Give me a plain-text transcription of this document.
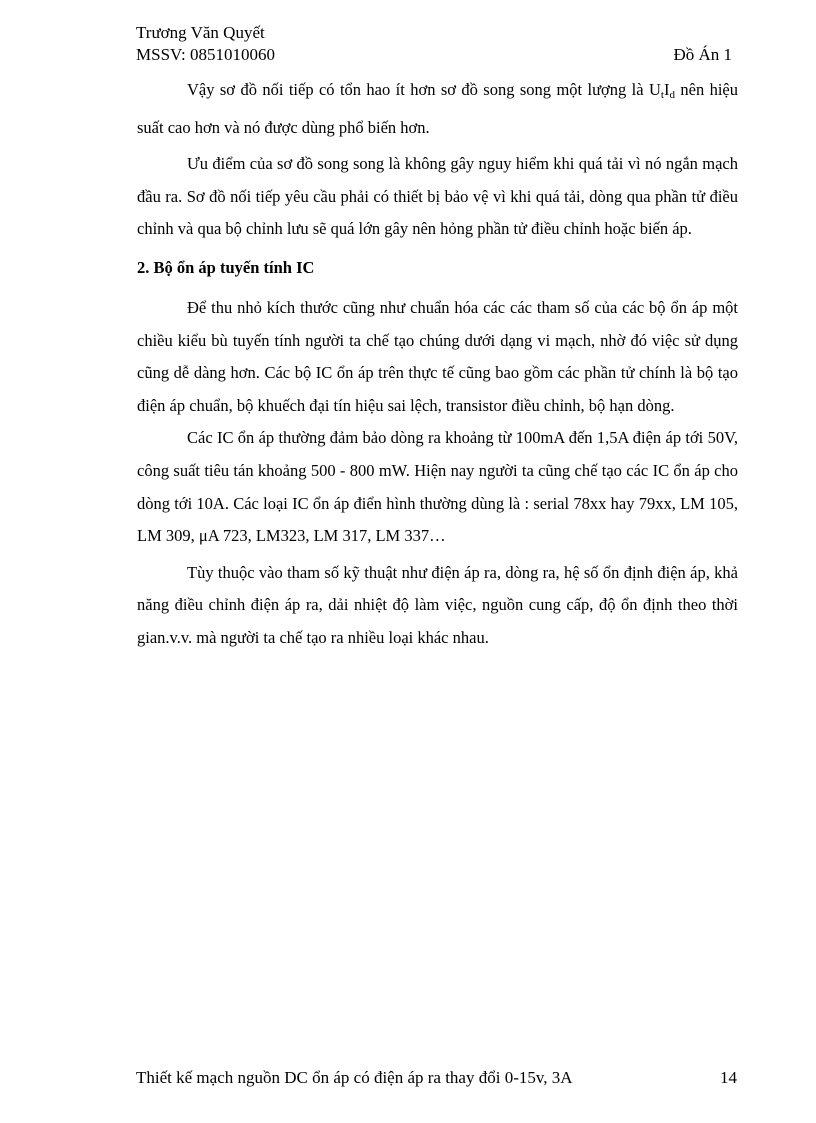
Trương Văn Quyết
MSSV: 0851010060	Đồ Án 1

Vậy sơ đồ nối tiếp có tổn hao ít hơn sơ đồ song song một lượng là $U_tI_d$ nên hiệu suất cao hơn và nó được dùng phổ biến hơn.

Ưu điểm của sơ đồ song song là không gây nguy hiểm khi quá tải vì nó ngắn mạch đầu ra. Sơ đồ nối tiếp yêu cầu phải có thiết bị bảo vệ vì khi quá tải, dòng qua phần tử điều chỉnh và qua bộ chỉnh lưu sẽ quá lớn gây nên hỏng phần tử điều chỉnh hoặc biến áp.

2. Bộ ổn áp tuyến tính IC

Để thu nhỏ kích thước cũng như chuẩn hóa các các tham số của các bộ ổn áp một chiều kiểu bù tuyến tính người ta chế tạo chúng dưới dạng vi mạch, nhờ đó việc sử dụng cũng dễ dàng hơn. Các bộ IC ổn áp trên thực tế cũng bao gồm các phần tử chính là bộ tạo điện áp chuẩn, bộ khuếch đại tín hiệu sai lệch, transistor điều chỉnh, bộ hạn dòng.

Các IC ổn áp thường đảm bảo dòng ra khoảng từ 100mA đến 1,5A điện áp tới 50V, công suất tiêu tán khoảng 500 - 800 mW. Hiện nay người ta cũng chế tạo các IC ổn áp cho dòng tới 10A. Các loại IC ổn áp điển hình thường dùng là : serial 78xx hay 79xx, LM 105, LM 309, μA 723, LM323, LM 317, LM 337…

Tùy thuộc vào tham số kỹ thuật như điện áp ra, dòng ra, hệ số ổn định điện áp, khả năng điều chỉnh điện áp ra, dải nhiệt độ làm việc, nguồn cung cấp, độ ổn định theo thời gian.v.v. mà người ta chế tạo ra nhiều loại khác nhau.

Thiết kế mạch nguồn DC ổn áp có điện áp ra thay đổi 0-15v, 3A	14
